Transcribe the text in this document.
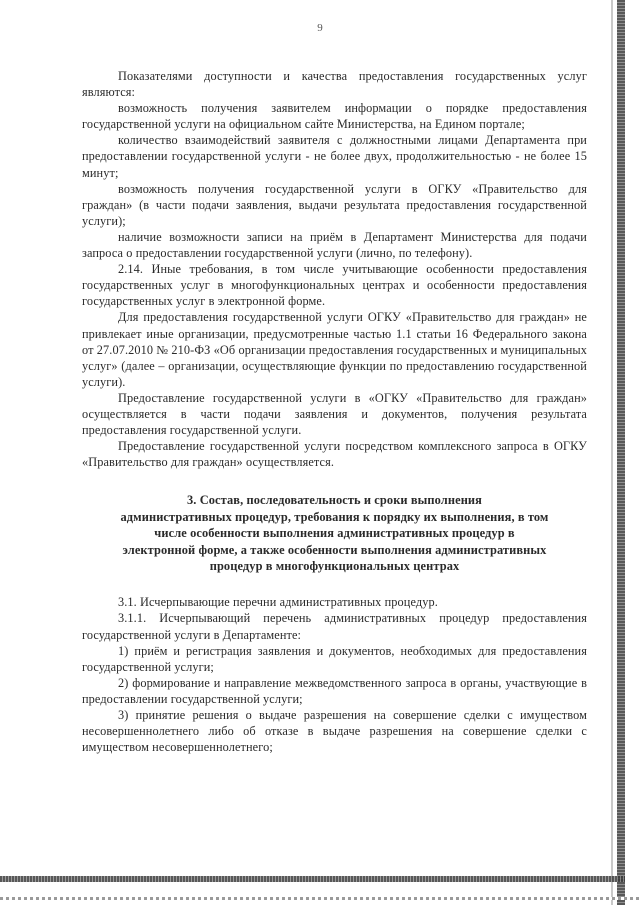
9

Показателями доступности и качества предоставления государственных услуг являются:

возможность получения заявителем информации о порядке предоставления государственной услуги на официальном сайте Министерства, на Едином портале;

количество взаимодействий заявителя с должностными лицами Департамента при предоставлении государственной услуги - не более двух, продолжительностью - не более 15 минут;

возможность получения государственной услуги в ОГКУ «Правительство для граждан» (в части подачи заявления, выдачи результата предоставления государственной услуги);

наличие возможности записи на приём в Департамент Министерства для подачи запроса о предоставлении государственной услуги (лично, по телефону).

2.14. Иные требования, в том числе учитывающие особенности предоставления государственных услуг в многофункциональных центрах и особенности предоставления государственных услуг в электронной форме.

Для предоставления государственной услуги ОГКУ «Правительство для граждан» не привлекает иные организации, предусмотренные частью 1.1 статьи 16 Федерального закона от 27.07.2010 № 210-ФЗ «Об организации предоставления государственных и муниципальных услуг» (далее – организации, осуществляющие функции по предоставлению государственной услуги).

Предоставление государственной услуги в «ОГКУ «Правительство для граждан» осуществляется в части подачи заявления и документов, получения результата предоставления государственной услуги.

Предоставление государственной услуги посредством комплексного запроса в ОГКУ «Правительство для граждан» осуществляется.

3. Состав, последовательность и сроки выполнения
административных процедур, требования к порядку их выполнения, в том
числе особенности выполнения административных процедур в
электронной форме, а также особенности выполнения административных
процедур в многофункциональных центрах

3.1. Исчерпывающие перечни административных процедур.

3.1.1. Исчерпывающий перечень административных процедур предоставления государственной услуги в Департаменте:

1) приём и регистрация заявления и документов, необходимых для предоставления государственной услуги;

2) формирование и направление межведомственного запроса в органы, участвующие в предоставлении государственной услуги;

3) принятие решения о выдаче разрешения на совершение сделки с имуществом несовершеннолетнего либо об отказе в выдаче разрешения на совершение сделки с имуществом несовершеннолетнего;
